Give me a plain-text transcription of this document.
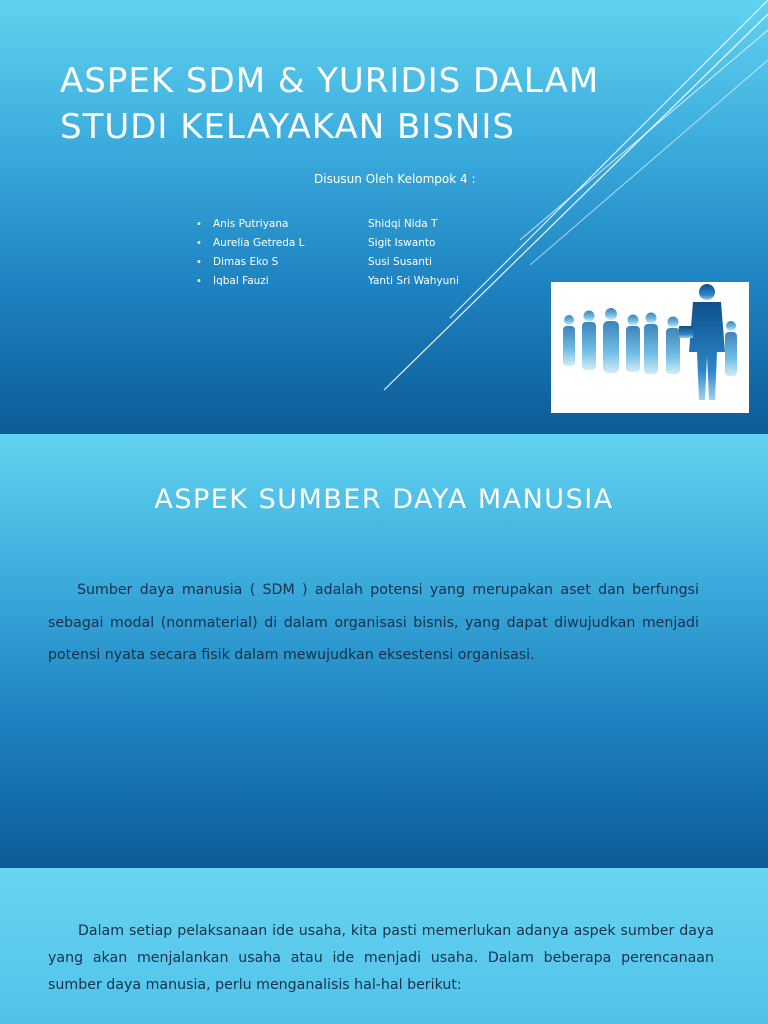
ASPEK SDM & YURIDIS DALAM STUDI KELAYAKAN BISNIS
Disusun Oleh Kelompok 4 :
• Anis Putriyana
• Aurelia Getreda L
• Dimas Eko S
• Iqbal Fauzi
Shidqi Nida T
Sigit Iswanto
Susi Susanti
Yanti Sri Wahyuni
ASPEK SUMBER DAYA MANUSIA

Sumber daya manusia ( SDM ) adalah potensi yang merupakan aset dan berfungsi sebagai modal (nonmaterial) di dalam organisasi bisnis, yang dapat diwujudkan menjadi potensi nyata secara fisik dalam mewujudkan eksestensi organisasi.

Dalam setiap pelaksanaan ide usaha, kita pasti memerlukan adanya aspek sumber daya yang akan menjalankan usaha atau ide menjadi usaha. Dalam beberapa perencanaan sumber daya manusia, perlu menganalisis hal-hal berikut:
